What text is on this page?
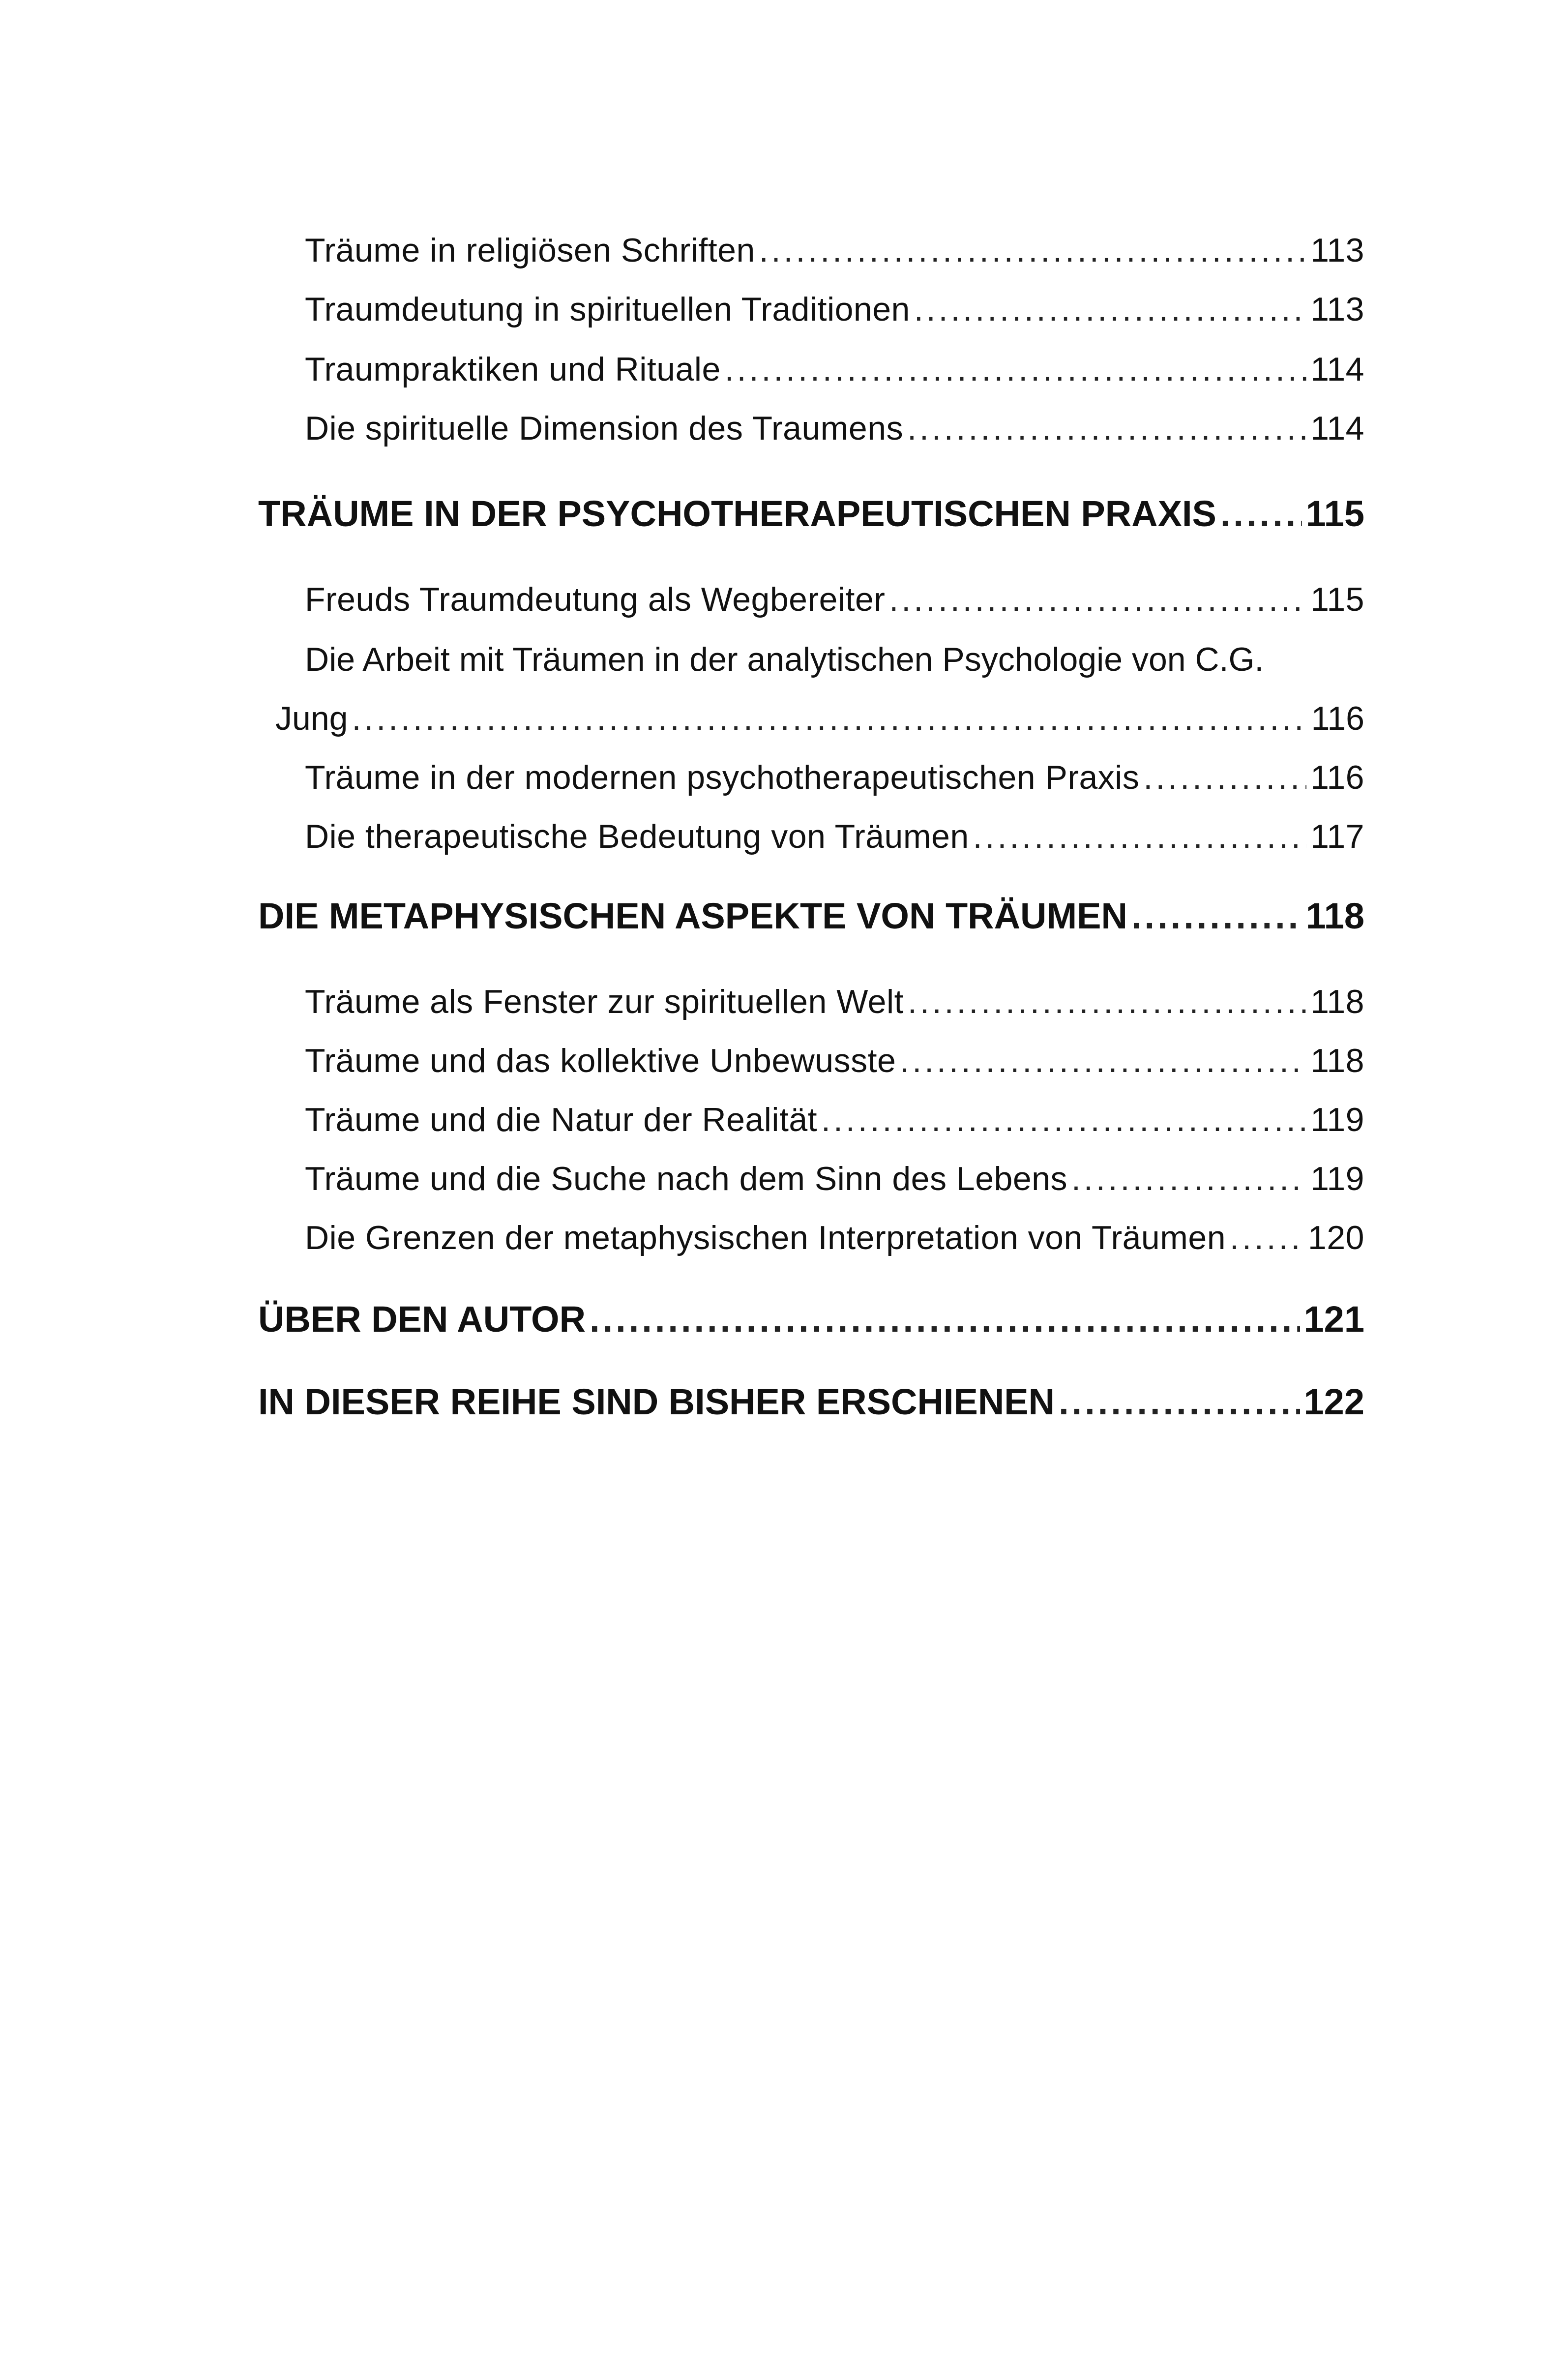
Träume in religiösen Schriften .....	113
Traumdeutung in spirituellen Traditionen .....	113
Traumpraktiken und Rituale .....	114
Die spirituelle Dimension des Traumens .....	114
TRÄUME IN DER PSYCHOTHERAPEUTISCHEN PRAXIS ..... 115
Freuds Traumdeutung als Wegbereiter .....	115
Die Arbeit mit Träumen in der analytischen Psychologie von C.G.
Jung .....	116
Träume in der modernen psychotherapeutischen Praxis .....	116
Die therapeutische Bedeutung von Träumen .....	117
DIE METAPHYSISCHEN ASPEKTE VON TRÄUMEN .....	118
Träume als Fenster zur spirituellen Welt .....	118
Träume und das kollektive Unbewusste .....	118
Träume und die Natur der Realität .....	119
Träume und die Suche nach dem Sinn des Lebens .....	119
Die Grenzen der metaphysischen Interpretation von Träumen ..... 120
ÜBER DEN AUTOR .....	121
IN DIESER REIHE SIND BISHER ERSCHIENEN .....	122
